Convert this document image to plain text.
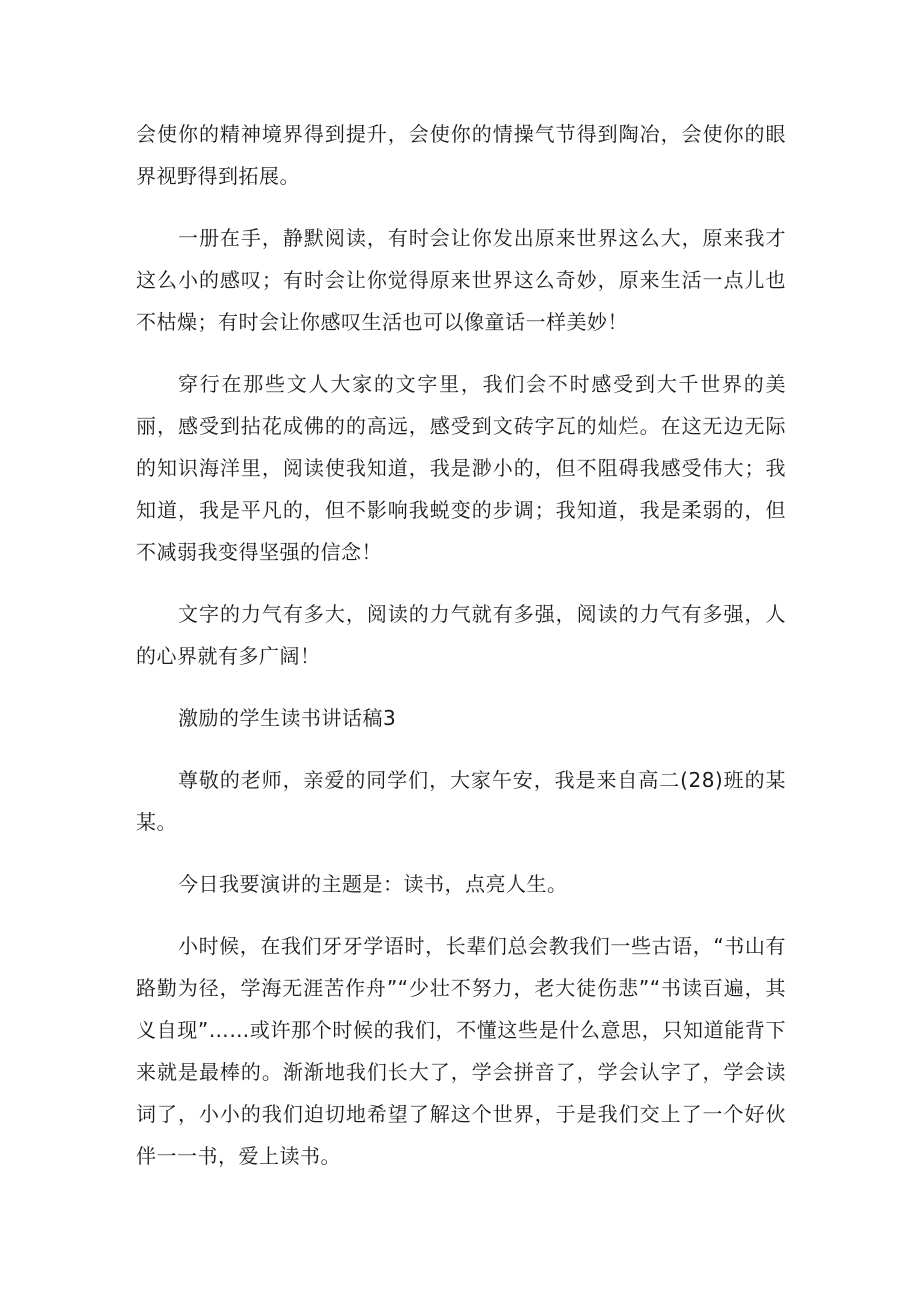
会使你的精神境界得到提升，会使你的情操气节得到陶冶，会使你的眼界视野得到拓展。

一册在手，静默阅读，有时会让你发出原来世界这么大，原来我才这么小的感叹；有时会让你觉得原来世界这么奇妙，原来生活一点儿也不枯燥；有时会让你感叹生活也可以像童话一样美妙！

穿行在那些文人大家的文字里，我们会不时感受到大千世界的美丽，感受到拈花成佛的的高远，感受到文砖字瓦的灿烂。在这无边无际的知识海洋里，阅读使我知道，我是渺小的，但不阻碍我感受伟大；我知道，我是平凡的，但不影响我蜕变的步调；我知道，我是柔弱的，但不减弱我变得坚强的信念！

文字的力气有多大，阅读的力气就有多强，阅读的力气有多强，人的心界就有多广阔！

激励的学生读书讲话稿3

尊敬的老师，亲爱的同学们，大家午安，我是来自高二(28)班的某某。

今日我要演讲的主题是：读书，点亮人生。

小时候，在我们牙牙学语时，长辈们总会教我们一些古语，“书山有路勤为径，学海无涯苦作舟”“少壮不努力，老大徒伤悲”“书读百遍，其义自现”……或许那个时候的我们，不懂这些是什么意思，只知道能背下来就是最棒的。渐渐地我们长大了，学会拼音了，学会认字了，学会读词了，小小的我们迫切地希望了解这个世界，于是我们交上了一个好伙伴一一书，爱上读书。
